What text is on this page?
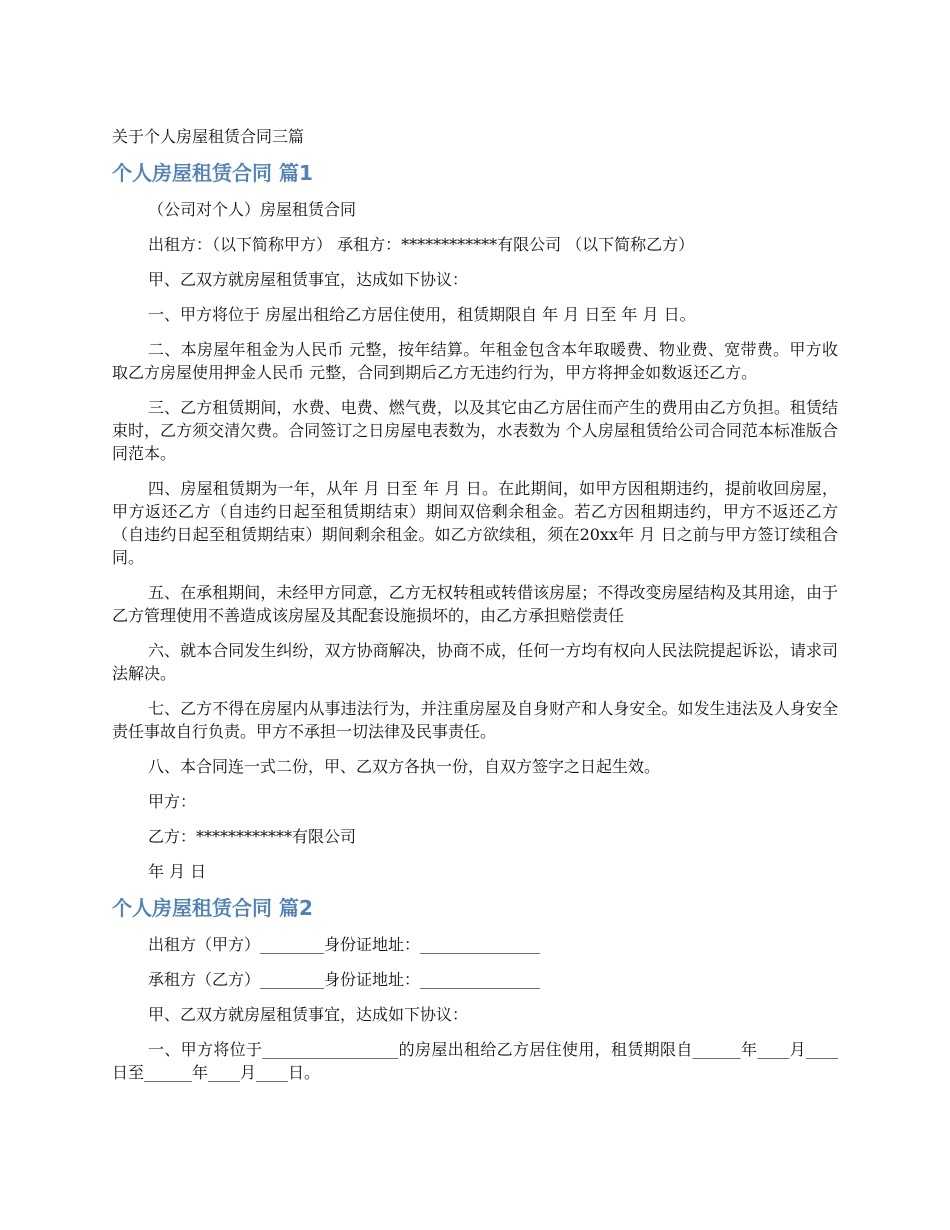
关于个人房屋租赁合同三篇
个人房屋租赁合同 篇1

（公司对个人）房屋租赁合同

出租方：（以下简称甲方） 承租方：************有限公司 （以下简称乙方）

甲、乙双方就房屋租赁事宜，达成如下协议：

一、甲方将位于 房屋出租给乙方居住使用，租赁期限自 年 月 日至 年 月 日。

二、本房屋年租金为人民币 元整，按年结算。年租金包含本年取暖费、物业费、宽带费。甲方收取乙方房屋使用押金人民币 元整，合同到期后乙方无违约行为，甲方将押金如数返还乙方。

三、乙方租赁期间，水费、电费、燃气费，以及其它由乙方居住而产生的费用由乙方负担。租赁结束时，乙方须交清欠费。合同签订之日房屋电表数为，水表数为 个人房屋租赁给公司合同范本标准版合同范本。

四、房屋租赁期为一年，从年 月 日至 年 月 日。在此期间，如甲方因租期违约，提前收回房屋，甲方返还乙方（自违约日起至租赁期结束）期间双倍剩余租金。若乙方因租期违约，甲方不返还乙方（自违约日起至租赁期结束）期间剩余租金。如乙方欲续租，须在20xx年 月 日之前与甲方签订续租合同。

五、在承租期间，未经甲方同意，乙方无权转租或转借该房屋；不得改变房屋结构及其用途，由于乙方管理使用不善造成该房屋及其配套设施损坏的，由乙方承担赔偿责任

六、就本合同发生纠纷，双方协商解决，协商不成，任何一方均有权向人民法院提起诉讼，请求司法解决。

七、乙方不得在房屋内从事违法行为，并注重房屋及自身财产和人身安全。如发生违法及人身安全责任事故自行负责。甲方不承担一切法律及民事责任。

八、本合同连一式二份，甲、乙双方各执一份，自双方签字之日起生效。

甲方：

乙方：************有限公司

年 月 日

个人房屋租赁合同 篇2

出租方（甲方）________身份证地址：_______________

承租方（乙方）________身份证地址：_______________

甲、乙双方就房屋租赁事宜，达成如下协议：

一、甲方将位于_________________的房屋出租给乙方居住使用，租赁期限自______年____月____日至______年____月____日。
